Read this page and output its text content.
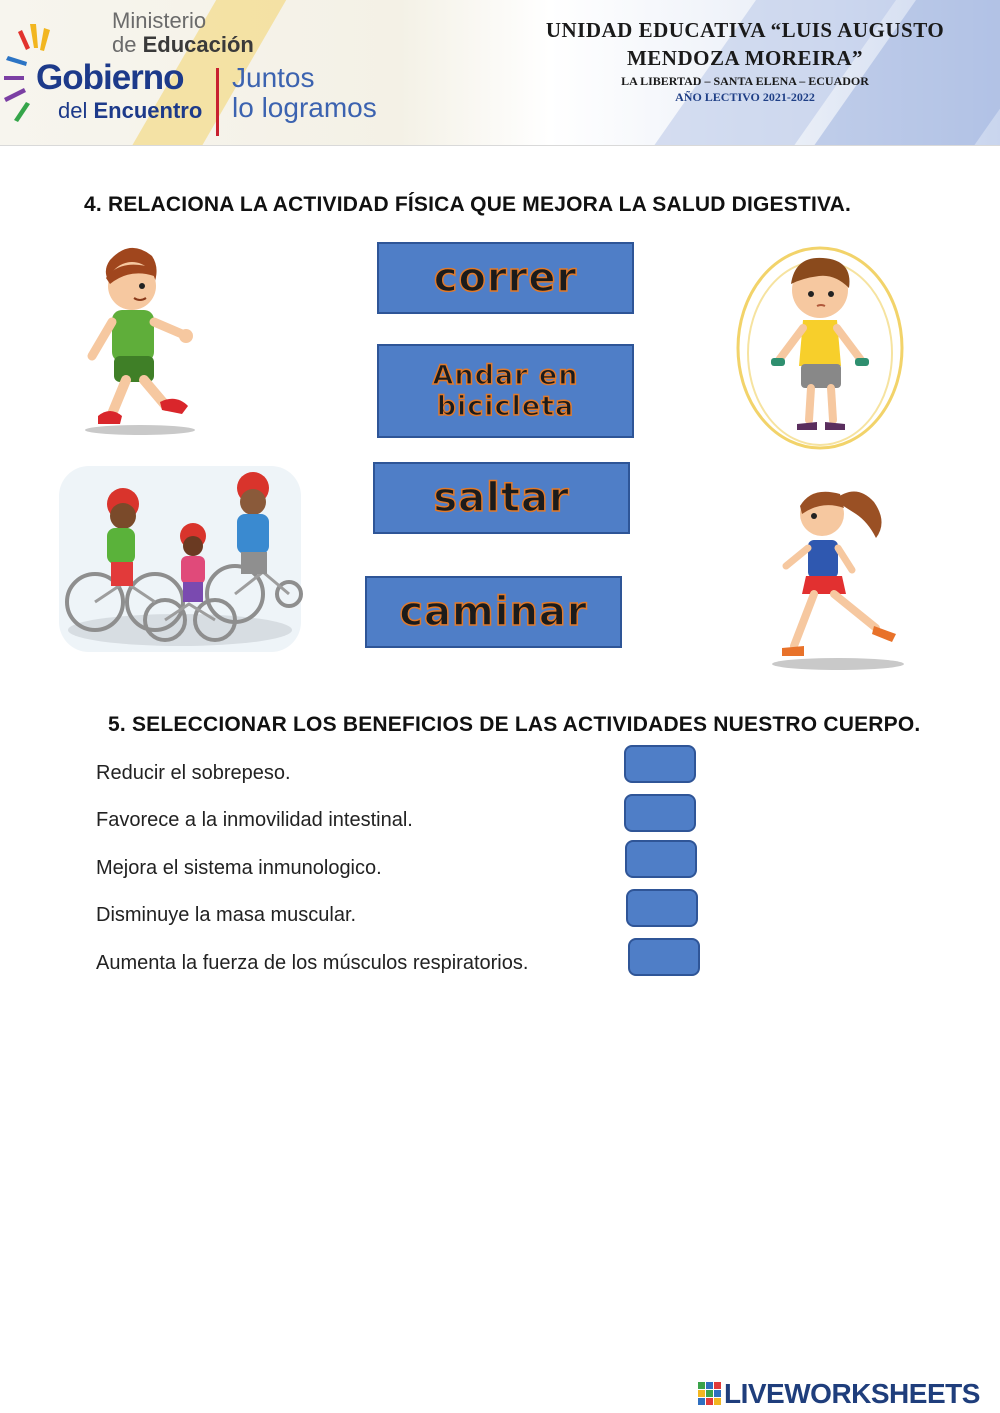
Ministerio
de Educación
Gobierno
del Encuentro
Juntos
lo logramos
UNIDAD EDUCATIVA “LUIS AUGUSTO
MENDOZA MOREIRA”
LA LIBERTAD – SANTA ELENA – ECUADOR
AÑO LECTIVO 2021-2022
4. RELACIONA LA ACTIVIDAD FÍSICA QUE MEJORA LA SALUD DIGESTIVA.
correr
Andar en bicicleta
saltar
caminar
5. SELECCIONAR LOS BENEFICIOS DE LAS ACTIVIDADES NUESTRO CUERPO.
Reducir el sobrepeso.
Favorece a la inmovilidad intestinal.
Mejora el sistema inmunologico.
Disminuye la masa muscular.
Aumenta la fuerza de los músculos respiratorios.
LIVEWORKSHEETS
